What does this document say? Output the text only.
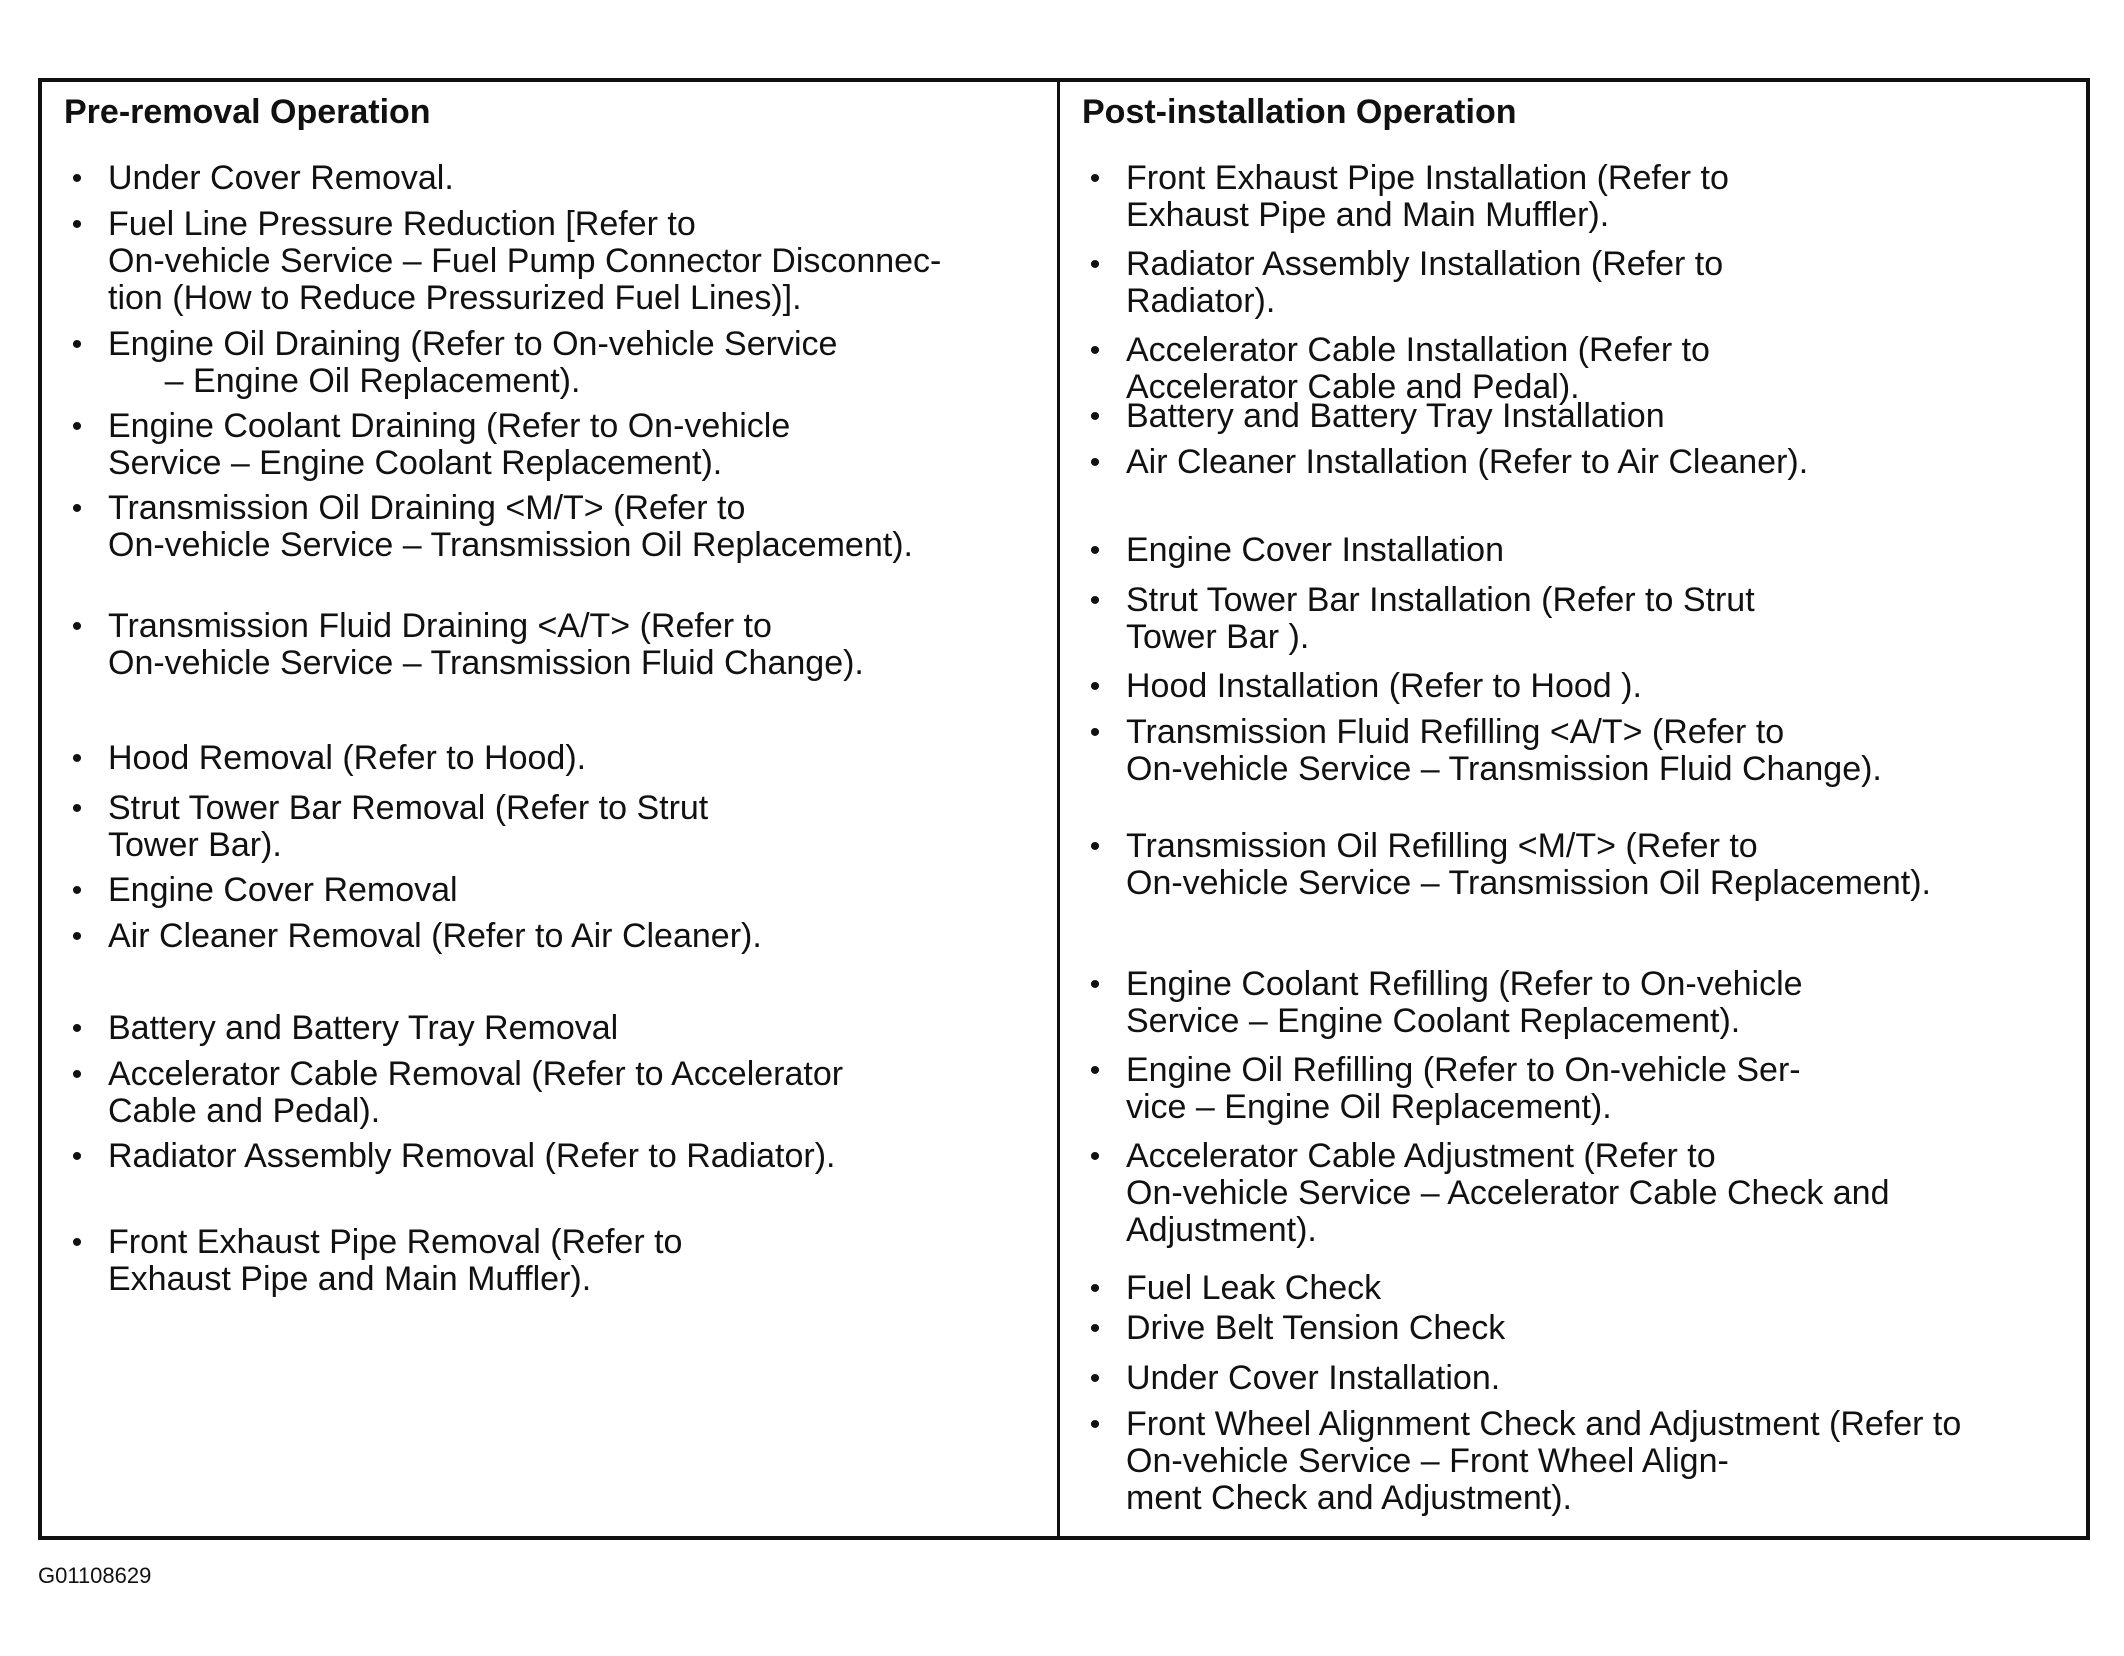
Pre-removal Operation
• Under Cover Removal.
• Fuel Line Pressure Reduction [Refer to
On-vehicle Service – Fuel Pump Connector Disconnec-
tion (How to Reduce Pressurized Fuel Lines)].
• Engine Oil Draining (Refer to On-vehicle Service
– Engine Oil Replacement).
• Engine Coolant Draining (Refer to On-vehicle
Service – Engine Coolant Replacement).
• Transmission Oil Draining <M/T> (Refer to
On-vehicle Service – Transmission Oil Replacement).
• Transmission Fluid Draining <A/T> (Refer to
On-vehicle Service – Transmission Fluid Change).
• Hood Removal (Refer to Hood).
• Strut Tower Bar Removal (Refer to Strut
Tower Bar).
• Engine Cover Removal
• Air Cleaner Removal (Refer to Air Cleaner).
• Battery and Battery Tray Removal
• Accelerator Cable Removal (Refer to Accelerator
Cable and Pedal).
• Radiator Assembly Removal (Refer to Radiator).
• Front Exhaust Pipe Removal (Refer to
Exhaust Pipe and Main Muffler).
Post-installation Operation
• Front Exhaust Pipe Installation (Refer to
Exhaust Pipe and Main Muffler).
• Radiator Assembly Installation (Refer to
Radiator).
• Accelerator Cable Installation (Refer to
Accelerator Cable and Pedal).
• Battery and Battery Tray Installation
• Air Cleaner Installation (Refer to Air Cleaner).
• Engine Cover Installation
• Strut Tower Bar Installation (Refer to Strut
Tower Bar ).
• Hood Installation (Refer to Hood ).
• Transmission Fluid Refilling <A/T> (Refer to
On-vehicle Service – Transmission Fluid Change).
• Transmission Oil Refilling <M/T> (Refer to
On-vehicle Service – Transmission Oil Replacement).
• Engine Coolant Refilling (Refer to On-vehicle
Service – Engine Coolant Replacement).
• Engine Oil Refilling (Refer to On-vehicle Ser-
vice – Engine Oil Replacement).
• Accelerator Cable Adjustment (Refer to
On-vehicle Service – Accelerator Cable Check and
Adjustment).
• Fuel Leak Check
• Drive Belt Tension Check
• Under Cover Installation.
• Front Wheel Alignment Check and Adjustment (Refer to
On-vehicle Service – Front Wheel Align-
ment Check and Adjustment).
G01108629
